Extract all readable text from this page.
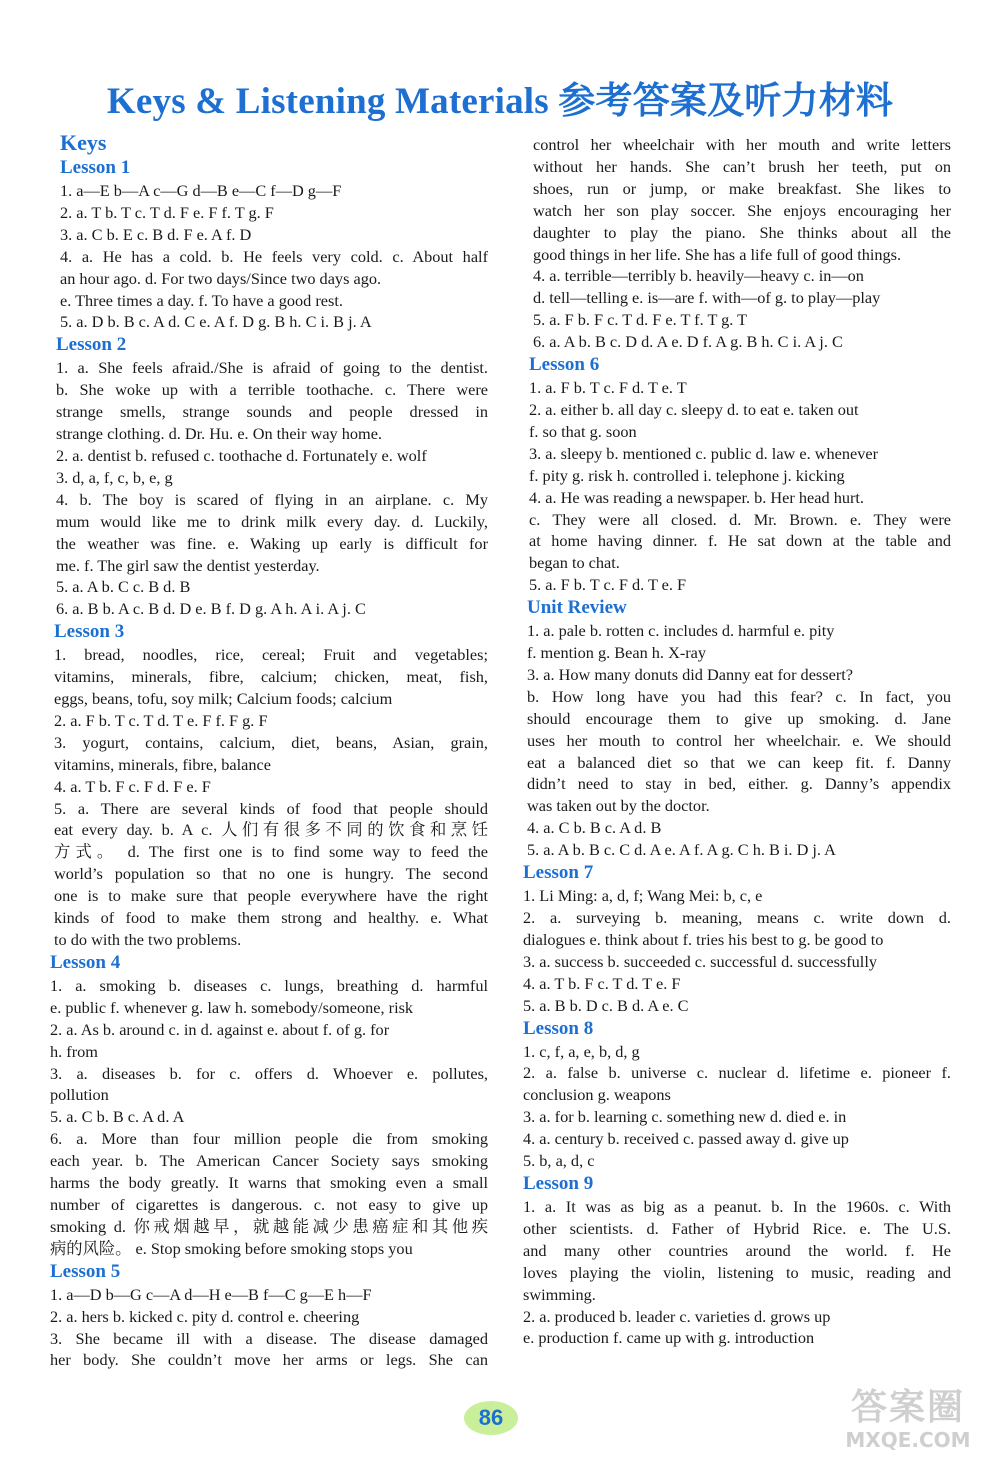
Keys & Listening Materials 参考答案及听力材料
Keys
Lesson 1
1. a—E b—A c—G d—B e—C f—D g—F
2. a. T b. T c. T d. F e. F f. T g. F
3. a. C b. E c. B d. F e. A f. D
4. a. He has a cold. b. He feels very cold. c. About half
an hour ago. d. For two days/Since two days ago.
e. Three times a day. f. To have a good rest.
5. a. D b. B c. A d. C e. A f. D g. B h. C i. B j. A
Lesson 2
1. a. She feels afraid./She is afraid of going to the dentist.
b. She woke up with a terrible toothache. c. There were
strange smells, strange sounds and people dressed in
strange clothing. d. Dr. Hu. e. On their way home.
2. a. dentist b. refused c. toothache d. Fortunately e. wolf
3. d, a, f, c, b, e, g
4. b. The boy is scared of flying in an airplane. c. My
mum would like me to drink milk every day. d. Luckily,
the weather was fine. e. Waking up early is difficult for
me. f. The girl saw the dentist yesterday.
5. a. A b. C c. B d. B
6. a. B b. A c. B d. D e. B f. D g. A h. A i. A j. C
Lesson 3
1. bread, noodles, rice, cereal; Fruit and vegetables;
vitamins, minerals, fibre, calcium; chicken, meat, fish,
eggs, beans, tofu, soy milk; Calcium foods; calcium
2. a. F b. T c. T d. T e. F f. F g. F
3. yogurt, contains, calcium, diet, beans, Asian, grain,
vitamins, minerals, fibre, balance
4. a. T b. F c. F d. F e. F
5. a. There are several kinds of food that people should
eat every day. b. A c. 人们有很多不同的饮食和烹饪
方式。 d. The first one is to find some way to feed the
world’s population so that no one is hungry. The second
one is to make sure that people everywhere have the right
kinds of food to make them strong and healthy. e. What
to do with the two problems.
Lesson 4
1. a. smoking b. diseases c. lungs, breathing d. harmful
e. public f. whenever g. law h. somebody/someone, risk
2. a. As b. around c. in d. against e. about f. of g. for
h. from
3. a. diseases b. for c. offers d. Whoever e. pollutes,
pollution
5. a. C b. B c. A d. A
6. a. More than four million people die from smoking
each year. b. The American Cancer Society says smoking
harms the body greatly. It warns that smoking even a small
number of cigarettes is dangerous. c. not easy to give up
smoking d. 你戒烟越早，就越能减少患癌症和其他疾
病的风险。 e. Stop smoking before smoking stops you
Lesson 5
1. a—D b—G c—A d—H e—B f—C g—E h—F
2. a. hers b. kicked c. pity d. control e. cheering
3. She became ill with a disease. The disease damaged
her body. She couldn’t move her arms or legs. She can
control her wheelchair with her mouth and write letters
without her hands. She can’t brush her teeth, put on
shoes, run or jump, or make breakfast. She likes to
watch her son play soccer. She enjoys encouraging her
daughter to play the piano. She thinks about all the
good things in her life. She has a life full of good things.
4. a. terrible—terribly b. heavily—heavy c. in—on
d. tell—telling e. is—are f. with—of g. to play—play
5. a. F b. F c. T d. F e. T f. T g. T
6. a. A b. B c. D d. A e. D f. A g. B h. C i. A j. C
Lesson 6
1. a. F b. T c. F d. T e. T
2. a. either b. all day c. sleepy d. to eat e. taken out
f. so that g. soon
3. a. sleepy b. mentioned c. public d. law e. whenever
f. pity g. risk h. controlled i. telephone j. kicking
4. a. He was reading a newspaper. b. Her head hurt.
c. They were all closed. d. Mr. Brown. e. They were
at home having dinner. f. He sat down at the table and
began to chat.
5. a. F b. T c. F d. T e. F
Unit Review
1. a. pale b. rotten c. includes d. harmful e. pity
f. mention g. Bean h. X-ray
3. a. How many donuts did Danny eat for dessert?
b. How long have you had this fear? c. In fact, you
should encourage them to give up smoking. d. Jane
uses her mouth to control her wheelchair. e. We should
eat a balanced diet so that we can keep fit. f. Danny
didn’t need to stay in bed, either. g. Danny’s appendix
was taken out by the doctor.
4. a. C b. B c. A d. B
5. a. A b. B c. C d. A e. A f. A g. C h. B i. D j. A
Lesson 7
1. Li Ming: a, d, f; Wang Mei: b, c, e
2. a. surveying b. meaning, means c. write down d.
dialogues e. think about f. tries his best to g. be good to
3. a. success b. succeeded c. successful d. successfully
4. a. T b. F c. T d. T e. F
5. a. B b. D c. B d. A e. C
Lesson 8
1. c, f, a, e, b, d, g
2. a. false b. universe c. nuclear d. lifetime e. pioneer f.
conclusion g. weapons
3. a. for b. learning c. something new d. died e. in
4. a. century b. received c. passed away d. give up
5. b, a, d, c
Lesson 9
1. a. It was as big as a peanut. b. In the 1960s. c. With
other scientists. d. Father of Hybrid Rice. e. The U.S.
and many other countries around the world. f. He
loves playing the violin, listening to music, reading and
swimming.
2. a. produced b. leader c. varieties d. grows up
e. production f. came up with g. introduction
86	答案圈
MXQE.COM
